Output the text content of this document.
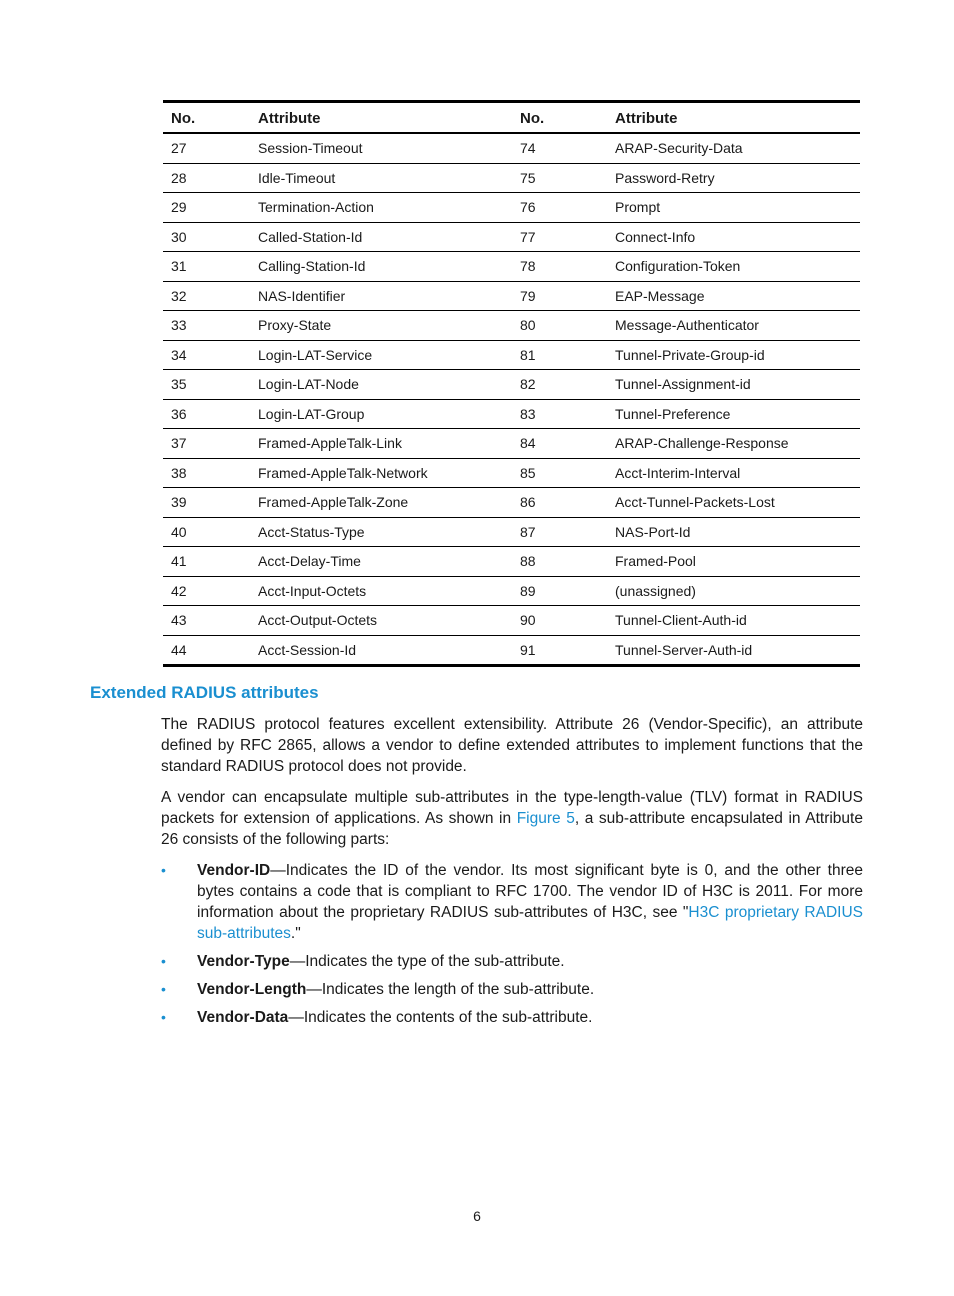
No.	Attribute	No.	Attribute
27	Session-Timeout	74	ARAP-Security-Data
28	Idle-Timeout	75	Password-Retry
29	Termination-Action	76	Prompt
30	Called-Station-Id	77	Connect-Info
31	Calling-Station-Id	78	Configuration-Token
32	NAS-Identifier	79	EAP-Message
33	Proxy-State	80	Message-Authenticator
34	Login-LAT-Service	81	Tunnel-Private-Group-id
35	Login-LAT-Node	82	Tunnel-Assignment-id
36	Login-LAT-Group	83	Tunnel-Preference
37	Framed-AppleTalk-Link	84	ARAP-Challenge-Response
38	Framed-AppleTalk-Network	85	Acct-Interim-Interval
39	Framed-AppleTalk-Zone	86	Acct-Tunnel-Packets-Lost
40	Acct-Status-Type	87	NAS-Port-Id
41	Acct-Delay-Time	88	Framed-Pool
42	Acct-Input-Octets	89	(unassigned)
43	Acct-Output-Octets	90	Tunnel-Client-Auth-id
44	Acct-Session-Id	91	Tunnel-Server-Auth-id
Extended RADIUS attributes

The RADIUS protocol features excellent extensibility. Attribute 26 (Vendor-Specific), an attribute defined by RFC 2865, allows a vendor to define extended attributes to implement functions that the standard RADIUS protocol does not provide.

A vendor can encapsulate multiple sub-attributes in the type-length-value (TLV) format in RADIUS packets for extension of applications. As shown in Figure 5, a sub-attribute encapsulated in Attribute 26 consists of the following parts:

• Vendor-ID—Indicates the ID of the vendor. Its most significant byte is 0, and the other three bytes contains a code that is compliant to RFC 1700. The vendor ID of H3C is 2011. For more information about the proprietary RADIUS sub-attributes of H3C, see "H3C proprietary RADIUS sub-attributes."
• Vendor-Type—Indicates the type of the sub-attribute.
• Vendor-Length—Indicates the length of the sub-attribute.
• Vendor-Data—Indicates the contents of the sub-attribute.
6
